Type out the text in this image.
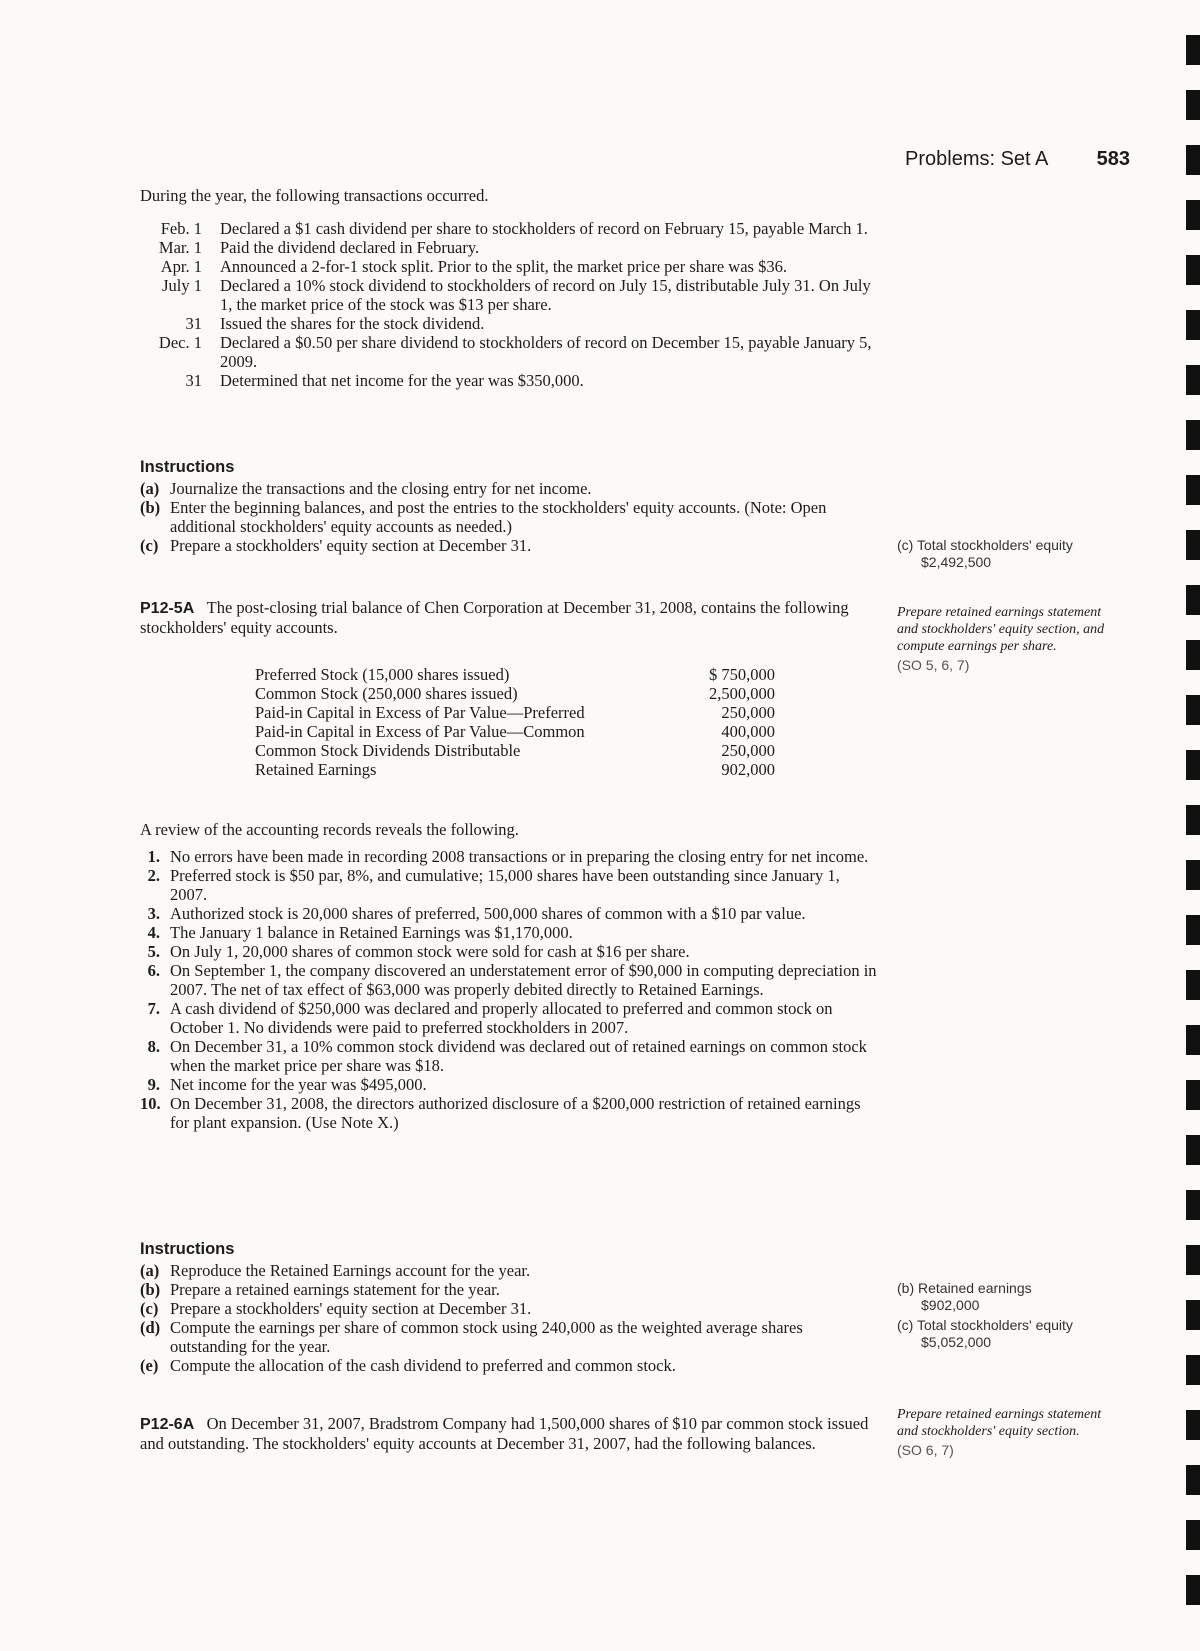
Problems: Set A 583
During the year, the following transactions occurred.
Feb. 1 Declared a $1 cash dividend per share to stockholders of record on February 15, payable March 1.
Mar. 1 Paid the dividend declared in February.
Apr. 1 Announced a 2-for-1 stock split. Prior to the split, the market price per share was $36.
July 1 Declared a 10% stock dividend to stockholders of record on July 15, distributable July 31. On July 1, the market price of the stock was $13 per share.
31 Issued the shares for the stock dividend.
Dec. 1 Declared a $0.50 per share dividend to stockholders of record on December 15, payable January 5, 2009.
31 Determined that net income for the year was $350,000.
Instructions
(a) Journalize the transactions and the closing entry for net income.
(b) Enter the beginning balances, and post the entries to the stockholders' equity accounts. (Note: Open additional stockholders' equity accounts as needed.)
(c) Prepare a stockholders' equity section at December 31.
P12-5A The post-closing trial balance of Chen Corporation at December 31, 2008, contains the following stockholders' equity accounts.
Preferred Stock (15,000 shares issued)	$ 750,000
Common Stock (250,000 shares issued)	2,500,000
Paid-in Capital in Excess of Par Value—Preferred	250,000
Paid-in Capital in Excess of Par Value—Common	400,000
Common Stock Dividends Distributable	250,000
Retained Earnings	902,000
A review of the accounting records reveals the following.
1. No errors have been made in recording 2008 transactions or in preparing the closing entry for net income.
2. Preferred stock is $50 par, 8%, and cumulative; 15,000 shares have been outstanding since January 1, 2007.
3. Authorized stock is 20,000 shares of preferred, 500,000 shares of common with a $10 par value.
4. The January 1 balance in Retained Earnings was $1,170,000.
5. On July 1, 20,000 shares of common stock were sold for cash at $16 per share.
6. On September 1, the company discovered an understatement error of $90,000 in computing depreciation in 2007. The net of tax effect of $63,000 was properly debited directly to Retained Earnings.
7. A cash dividend of $250,000 was declared and properly allocated to preferred and common stock on October 1. No dividends were paid to preferred stockholders in 2007.
8. On December 31, a 10% common stock dividend was declared out of retained earnings on common stock when the market price per share was $18.
9. Net income for the year was $495,000.
10. On December 31, 2008, the directors authorized disclosure of a $200,000 restriction of retained earnings for plant expansion. (Use Note X.)
Instructions
(a) Reproduce the Retained Earnings account for the year.
(b) Prepare a retained earnings statement for the year.
(c) Prepare a stockholders' equity section at December 31.
(d) Compute the earnings per share of common stock using 240,000 as the weighted average shares outstanding for the year.
(e) Compute the allocation of the cash dividend to preferred and common stock.
P12-6A On December 31, 2007, Bradstrom Company had 1,500,000 shares of $10 par common stock issued and outstanding. The stockholders' equity accounts at December 31, 2007, had the following balances.
(c) Total stockholders' equity
$2,492,500
Prepare retained earnings statement and stockholders' equity section, and compute earnings per share.
(SO 5, 6, 7)
(b) Retained earnings
$902,000
(c) Total stockholders' equity
$5,052,000
Prepare retained earnings statement and stockholders' equity section.
(SO 6, 7)
